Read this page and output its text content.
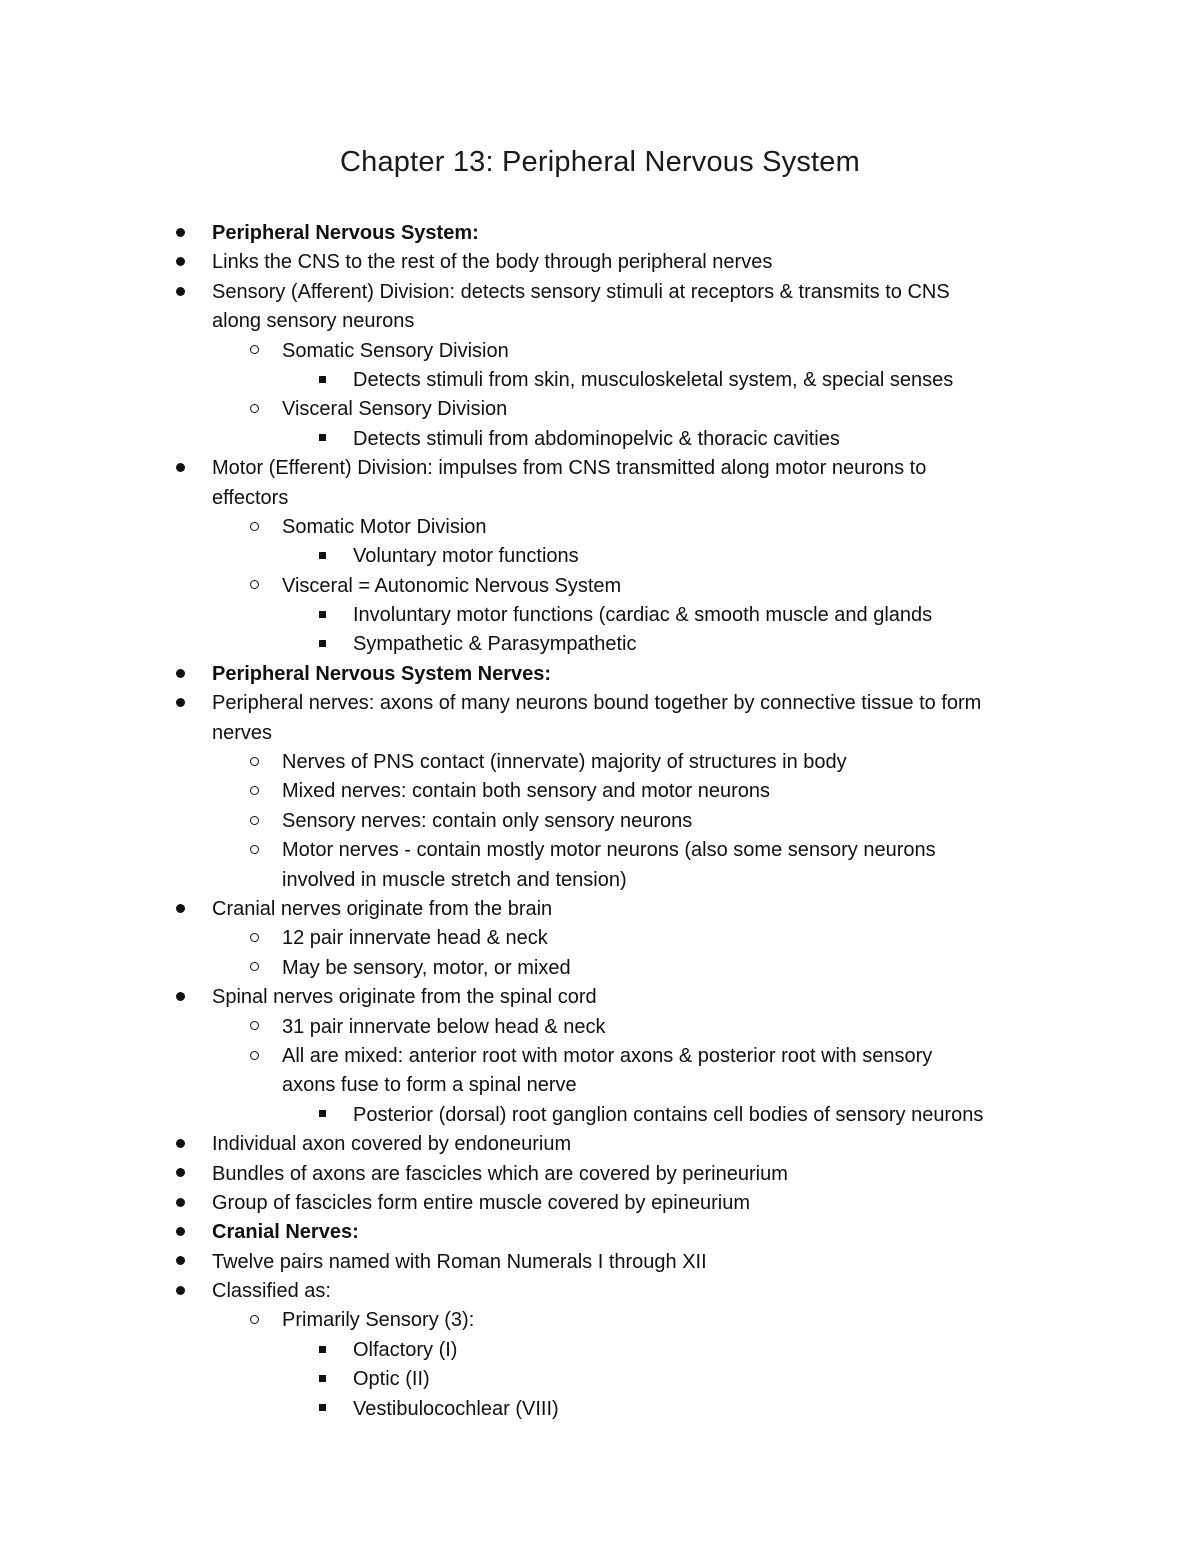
Chapter 13: Peripheral Nervous System
Peripheral Nervous System:
Links the CNS to the rest of the body through peripheral nerves
Sensory (Afferent) Division: detects sensory stimuli at receptors & transmits to CNS
along sensory neurons
Somatic Sensory Division
Detects stimuli from skin, musculoskeletal system, & special senses
Visceral Sensory Division
Detects stimuli from abdominopelvic & thoracic cavities
Motor (Efferent) Division: impulses from CNS transmitted along motor neurons to
effectors
Somatic Motor Division
Voluntary motor functions
Visceral = Autonomic Nervous System
Involuntary motor functions (cardiac & smooth muscle and glands
Sympathetic & Parasympathetic
Peripheral Nervous System Nerves:
Peripheral nerves: axons of many neurons bound together by connective tissue to form
nerves
Nerves of PNS contact (innervate) majority of structures in body
Mixed nerves: contain both sensory and motor neurons
Sensory nerves: contain only sensory neurons
Motor nerves - contain mostly motor neurons (also some sensory neurons
involved in muscle stretch and tension)
Cranial nerves originate from the brain
12 pair innervate head & neck
May be sensory, motor, or mixed
Spinal nerves originate from the spinal cord
31 pair innervate below head & neck
All are mixed: anterior root with motor axons & posterior root with sensory
axons fuse to form a spinal nerve
Posterior (dorsal) root ganglion contains cell bodies of sensory neurons
Individual axon covered by endoneurium
Bundles of axons are fascicles which are covered by perineurium
Group of fascicles form entire muscle covered by epineurium
Cranial Nerves:
Twelve pairs named with Roman Numerals I through XII
Classified as:
Primarily Sensory (3):
Olfactory (I)
Optic (II)
Vestibulocochlear (VIII)
